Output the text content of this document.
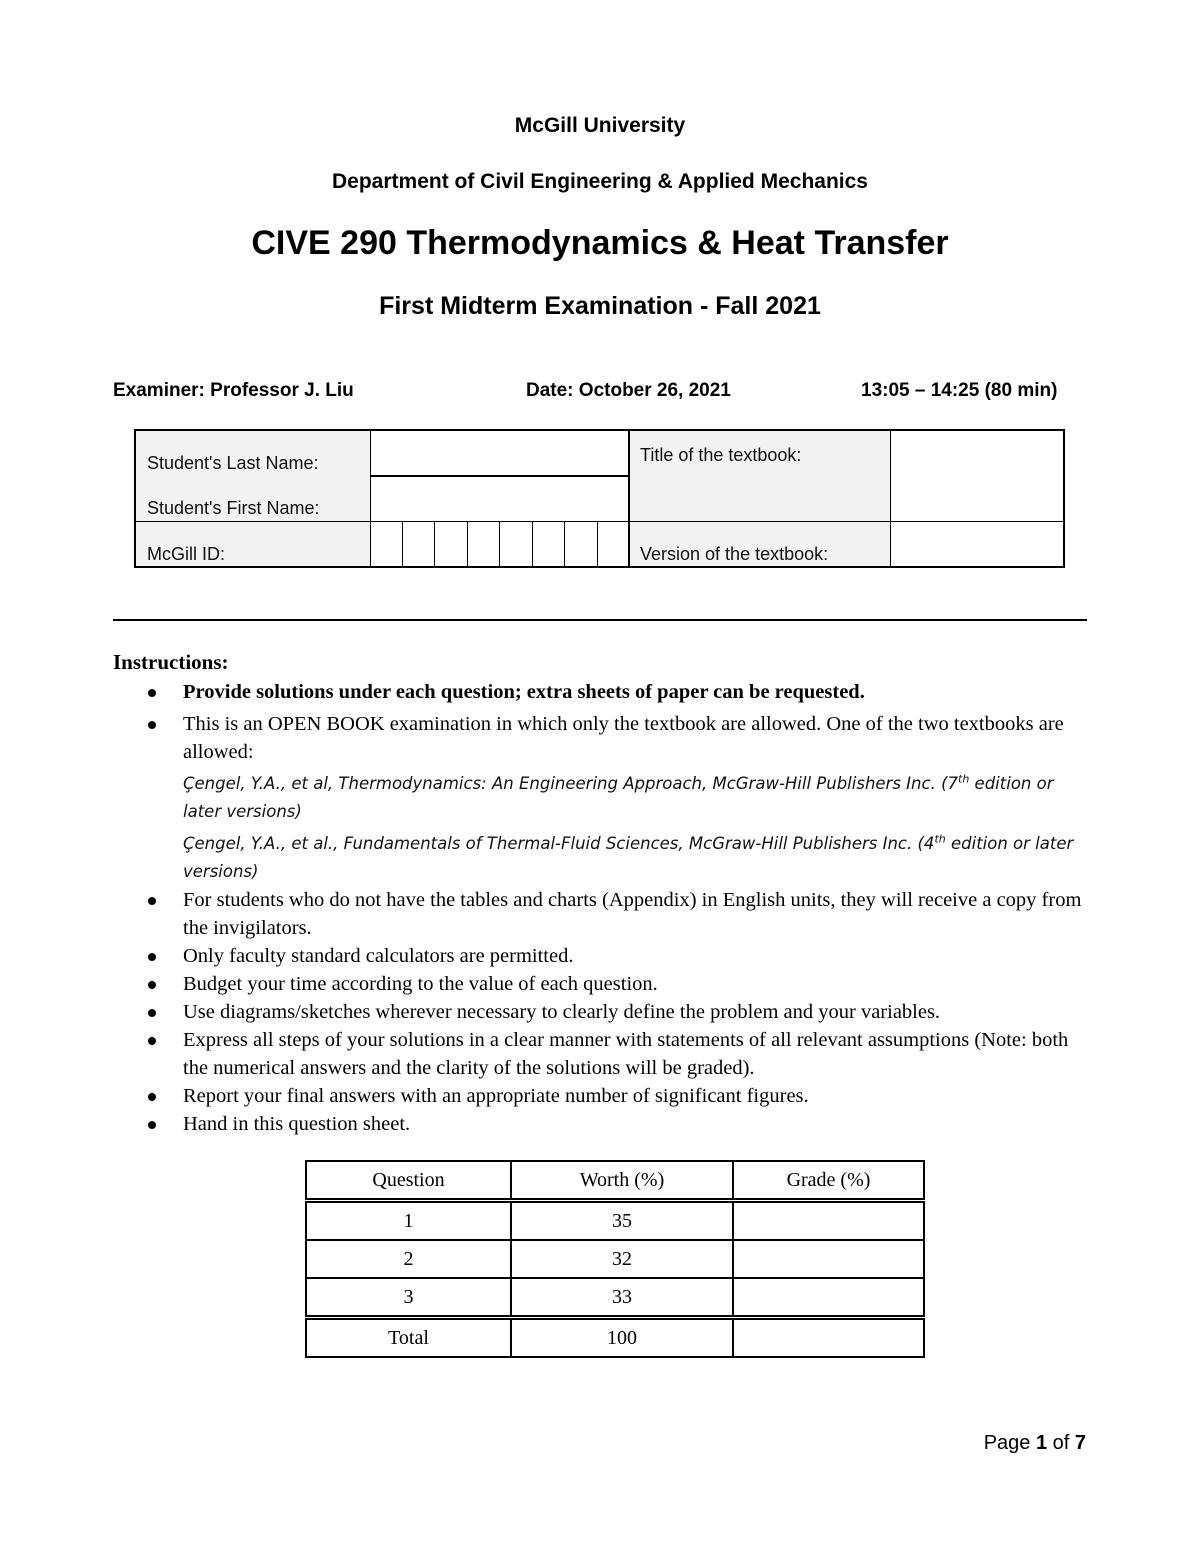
McGill University
Department of Civil Engineering & Applied Mechanics
CIVE 290 Thermodynamics & Heat Transfer
First Midterm Examination - Fall 2021
Examiner: Professor J. Liu	Date: October 26, 2021	13:05 – 14:25 (80 min)
Student's Last Name:
Student's First Name:
McGill ID:
Title of the textbook:
Version of the textbook:
Instructions:
Provide solutions under each question; extra sheets of paper can be requested.
This is an OPEN BOOK examination in which only the textbook are allowed. One of the two textbooks are allowed:
Çengel, Y.A., et al, Thermodynamics: An Engineering Approach, McGraw-Hill Publishers Inc. (7th edition or later versions)
Çengel, Y.A., et al., Fundamentals of Thermal-Fluid Sciences, McGraw-Hill Publishers Inc. (4th edition or later versions)
For students who do not have the tables and charts (Appendix) in English units, they will receive a copy from the invigilators.
Only faculty standard calculators are permitted.
Budget your time according to the value of each question.
Use diagrams/sketches wherever necessary to clearly define the problem and your variables.
Express all steps of your solutions in a clear manner with statements of all relevant assumptions (Note: both the numerical answers and the clarity of the solutions will be graded).
Report your final answers with an appropriate number of significant figures.
Hand in this question sheet.
Question	Worth (%)	Grade (%)
1	35	
2	32	
3	33	
Total	100	
Page 1 of 7
